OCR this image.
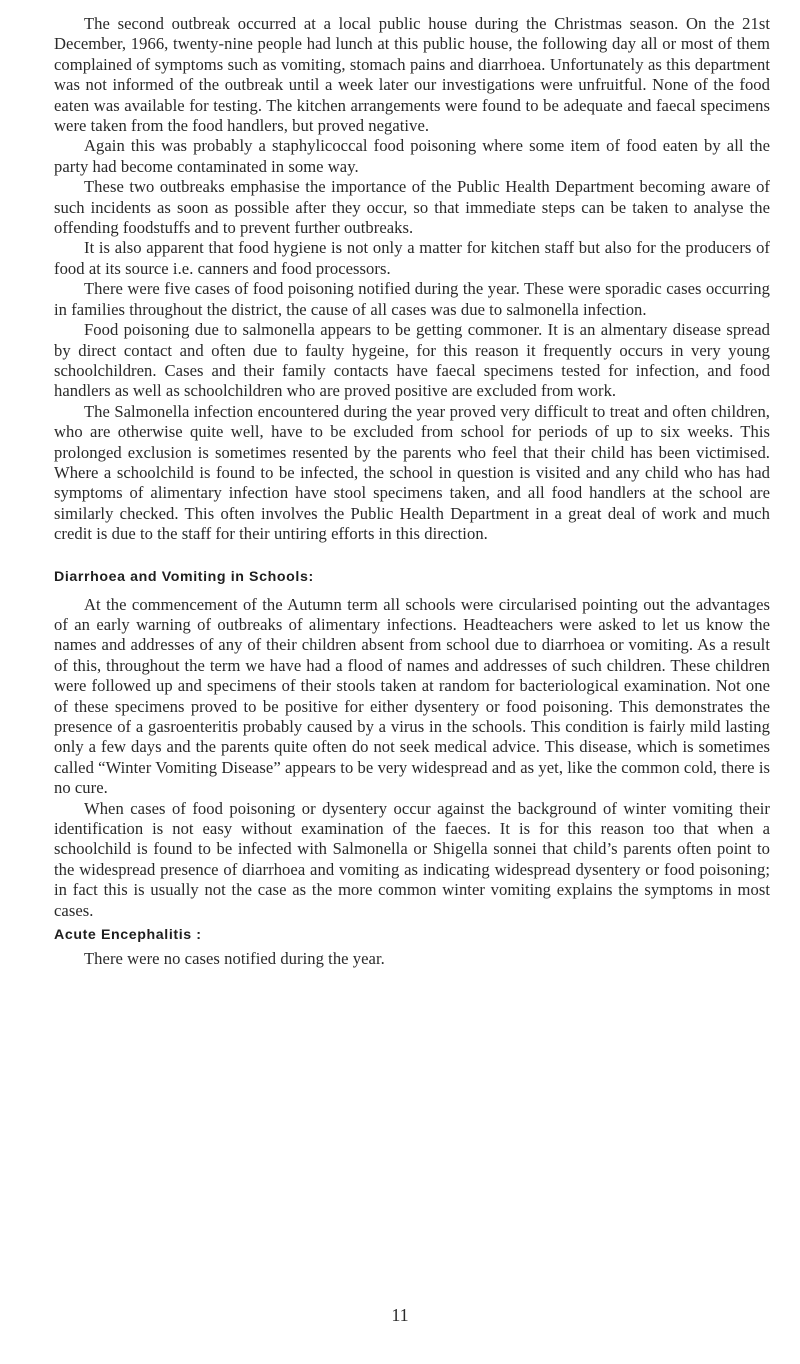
The second outbreak occurred at a local public house during the Christmas season. On the 21st December, 1966, twenty-nine people had lunch at this public house, the following day all or most of them complained of symptoms such as vomiting, stomach pains and diarrhoea. Unfortunately as this department was not informed of the outbreak until a week later our investigations were unfruitful. None of the food eaten was available for testing. The kitchen arrangements were found to be adequate and faecal specimens were taken from the food handlers, but proved negative.

Again this was probably a staphylicoccal food poisoning where some item of food eaten by all the party had become contaminated in some way.

These two outbreaks emphasise the importance of the Public Health Department becoming aware of such incidents as soon as possible after they occur, so that immediate steps can be taken to analyse the offending foodstuffs and to prevent further outbreaks.

It is also apparent that food hygiene is not only a matter for kitchen staff but also for the producers of food at its source i.e. canners and food processors.

There were five cases of food poisoning notified during the year. These were sporadic cases occurring in families throughout the district, the cause of all cases was due to salmonella infection.

Food poisoning due to salmonella appears to be getting commoner. It is an almentary disease spread by direct contact and often due to faulty hygeine, for this reason it frequently occurs in very young schoolchildren. Cases and their family contacts have faecal specimens tested for infection, and food handlers as well as schoolchildren who are proved positive are excluded from work.

The Salmonella infection encountered during the year proved very difficult to treat and often children, who are otherwise quite well, have to be excluded from school for periods of up to six weeks. This prolonged exclusion is sometimes resented by the parents who feel that their child has been victimised. Where a schoolchild is found to be infected, the school in question is visited and any child who has had symptoms of alimentary infection have stool specimens taken, and all food handlers at the school are similarly checked. This often involves the Public Health Department in a great deal of work and much credit is due to the staff for their untiring efforts in this direction.

Diarrhoea and Vomiting in Schools:

At the commencement of the Autumn term all schools were circularised pointing out the advantages of an early warning of outbreaks of alimentary infections. Headteachers were asked to let us know the names and addresses of any of their children absent from school due to diarrhoea or vomiting. As a result of this, throughout the term we have had a flood of names and addresses of such children. These children were followed up and specimens of their stools taken at random for bacteriological examination. Not one of these specimens proved to be positive for either dysentery or food poisoning. This demonstrates the presence of a gasroenteritis probably caused by a virus in the schools. This condition is fairly mild lasting only a few days and the parents quite often do not seek medical advice. This disease, which is sometimes called “Winter Vomiting Disease” appears to be very widespread and as yet, like the common cold, there is no cure.

When cases of food poisoning or dysentery occur against the background of winter vomiting their identification is not easy without examination of the faeces. It is for this reason too that when a schoolchild is found to be infected with Salmonella or Shigella sonnei that child’s parents often point to the widespread presence of diarrhoea and vomiting as indicating widespread dysentery or food poisoning; in fact this is usually not the case as the more common winter vomiting explains the symptoms in most cases.

Acute Encephalitis :

There were no cases notified during the year.

11
